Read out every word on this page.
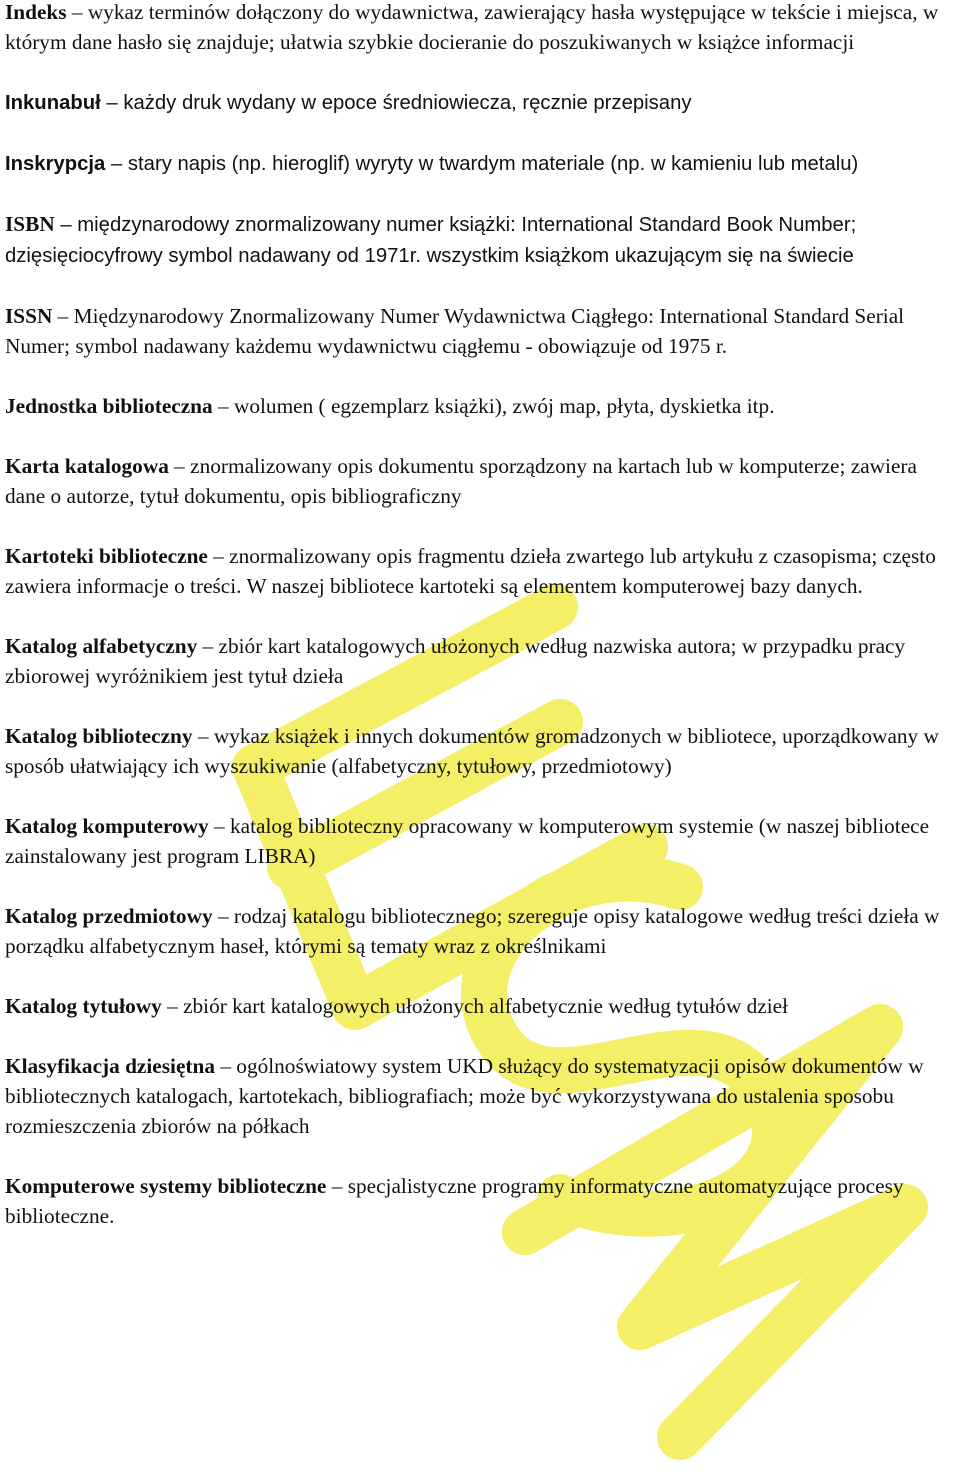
Indeks – wykaz terminów dołączony do wydawnictwa, zawierający hasła występujące w tekście i miejsca, w którym dane hasło się znajduje; ułatwia szybkie docieranie do poszukiwanych w książce informacji

Inkunabuł – każdy druk wydany w epoce średniowiecza, ręcznie przepisany

Inskrypcja – stary napis (np. hieroglif) wyryty w twardym materiale (np. w kamieniu lub metalu)

ISBN – międzynarodowy znormalizowany numer książki: International Standard Book Number; dzięsięciocyfrowy symbol nadawany od 1971r. wszystkim książkom ukazującym się na świecie

ISSN – Międzynarodowy Znormalizowany Numer Wydawnictwa Ciągłego: International Standard Serial Numer; symbol nadawany każdemu wydawnictwu ciągłemu - obowiązuje od 1975 r.

Jednostka biblioteczna – wolumen ( egzemplarz książki), zwój map, płyta, dyskietka itp.

Karta katalogowa – znormalizowany opis dokumentu sporządzony na kartach lub w komputerze; zawiera dane o autorze, tytuł dokumentu, opis bibliograficzny

Kartoteki biblioteczne – znormalizowany opis fragmentu dzieła zwartego lub artykułu z czasopisma; często zawiera informacje o treści. W naszej bibliotece kartoteki są elementem komputerowej bazy danych.

Katalog alfabetyczny – zbiór kart katalogowych ułożonych według nazwiska autora; w przypadku pracy zbiorowej wyróżnikiem jest tytuł dzieła

Katalog biblioteczny – wykaz książek i innych dokumentów gromadzonych w bibliotece, uporządkowany w sposób ułatwiający ich wyszukiwanie (alfabetyczny, tytułowy, przedmiotowy)

Katalog komputerowy – katalog biblioteczny opracowany w komputerowym systemie (w naszej bibliotece zainstalowany jest program LIBRA)

Katalog przedmiotowy – rodzaj katalogu bibliotecznego; szereguje opisy katalogowe według treści dzieła w porządku alfabetycznym haseł, którymi są tematy wraz z określnikami

Katalog tytułowy – zbiór kart katalogowych ułożonych alfabetycznie według tytułów dzieł

Klasyfikacja dziesiętna – ogólnoświatowy system UKD służący do systematyzacji opisów dokumentów w bibliotecznych katalogach, kartotekach, bibliografiach; może być wykorzystywana do ustalenia sposobu rozmieszczenia zbiorów na półkach

Komputerowe systemy biblioteczne – specjalistyczne programy informatyczne automatyzujące procesy biblioteczne.
